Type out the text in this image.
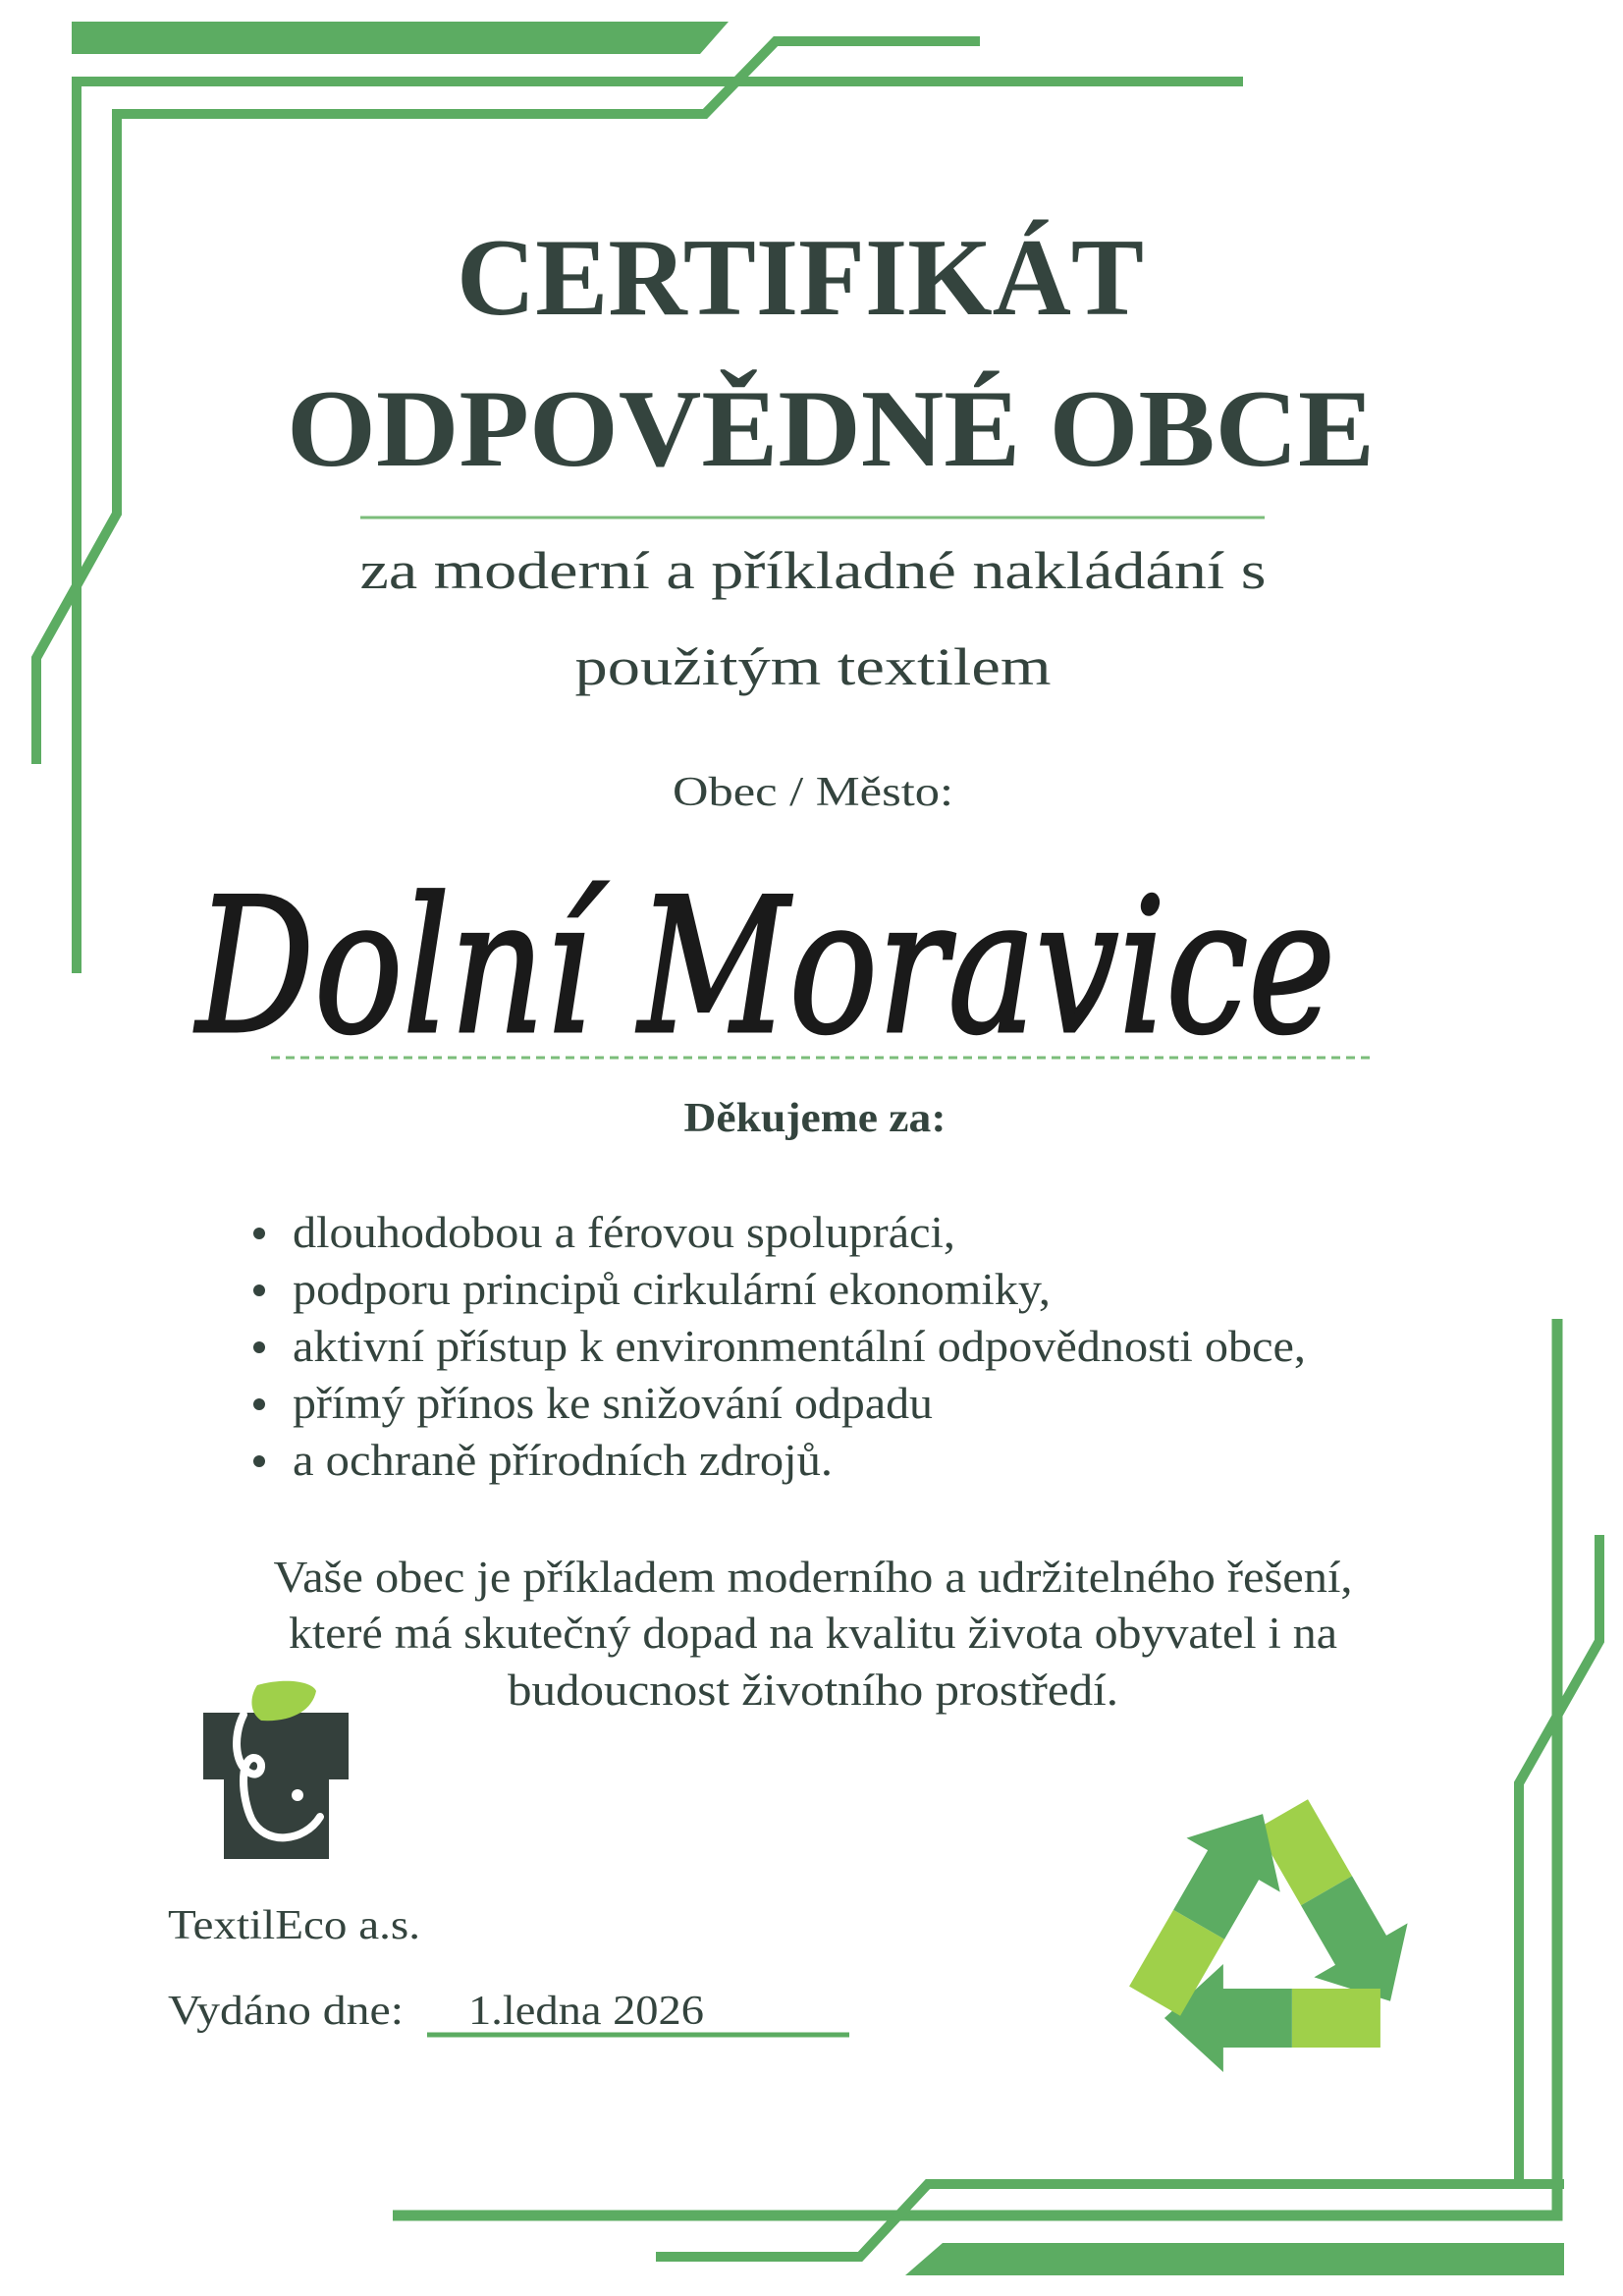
CERTIFIKÁT
ODPOVĚDNÉ OBCE
za moderní a příkladné nakládání s
použitým textilem
Obec / Město:
Dolní Moravice
Děkujeme za:
dlouhodobou a férovou spolupráci,
podporu principů cirkulární ekonomiky,
aktivní přístup k environmentální odpovědnosti obce,
přímý přínos ke snižování odpadu
a ochraně přírodních zdrojů.
Vaše obec je příkladem moderního a udržitelného řešení,
které má skutečný dopad na kvalitu života obyvatel i na
budoucnost životního prostředí.
TextilEco a.s.
Vydáno dne: 1.ledna 2026
